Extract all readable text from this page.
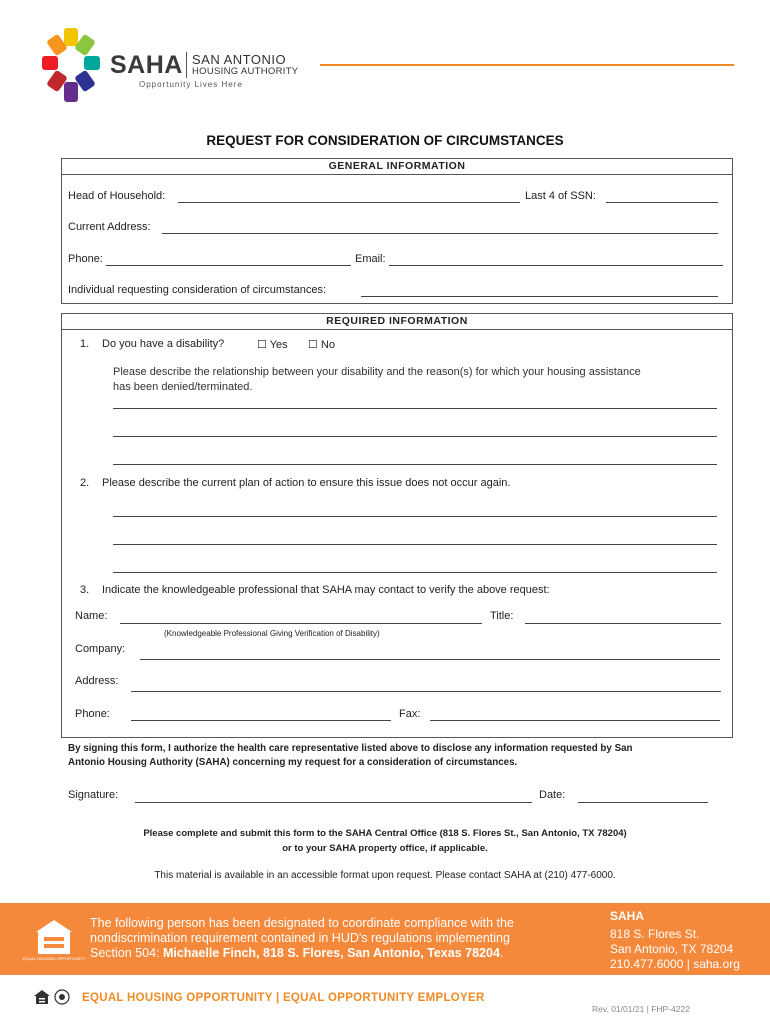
SAHA SAN ANTONIO
HOUSING AUTHORITY
Opportunity Lives Here
REQUEST FOR CONSIDERATION OF CIRCUMSTANCES
GENERAL INFORMATION
Head of Household:	Last 4 of SSN:
Current Address:
Phone:	Email:
Individual requesting consideration of circumstances:
REQUIRED INFORMATION
1. Do you have a disability?	☐ Yes ☐ No
Please describe the relationship between your disability and the reason(s) for which your housing assistance
has been denied/terminated.
2. Please describe the current plan of action to ensure this issue does not occur again.
3. Indicate the knowledgeable professional that SAHA may contact to verify the above request:
Name:	Title:
(Knowledgeable Professional Giving Verification of Disability)
Company:
Address:
Phone:	Fax:
By signing this form, I authorize the health care representative listed above to disclose any information requested by San
Antonio Housing Authority (SAHA) concerning my request for a consideration of circumstances.
Signature:	Date:
Please complete and submit this form to the SAHA Central Office (818 S. Flores St., San Antonio, TX 78204)
or to your SAHA property office, if applicable.
This material is available in an accessible format upon request. Please contact SAHA at (210) 477-6000.
EQUAL HOUSING OPPORTUNITY
The following person has been designated to coordinate compliance with the
nondiscrimination requirement contained in HUD's regulations implementing
Section 504: Michaelle Finch, 818 S. Flores, San Antonio, Texas 78204.
SAHA
818 S. Flores St.
San Antonio, TX 78204
210.477.6000 | saha.org
EQUAL HOUSING OPPORTUNITY | EQUAL OPPORTUNITY EMPLOYER
Rev. 01/01/21 | FHP-4222
